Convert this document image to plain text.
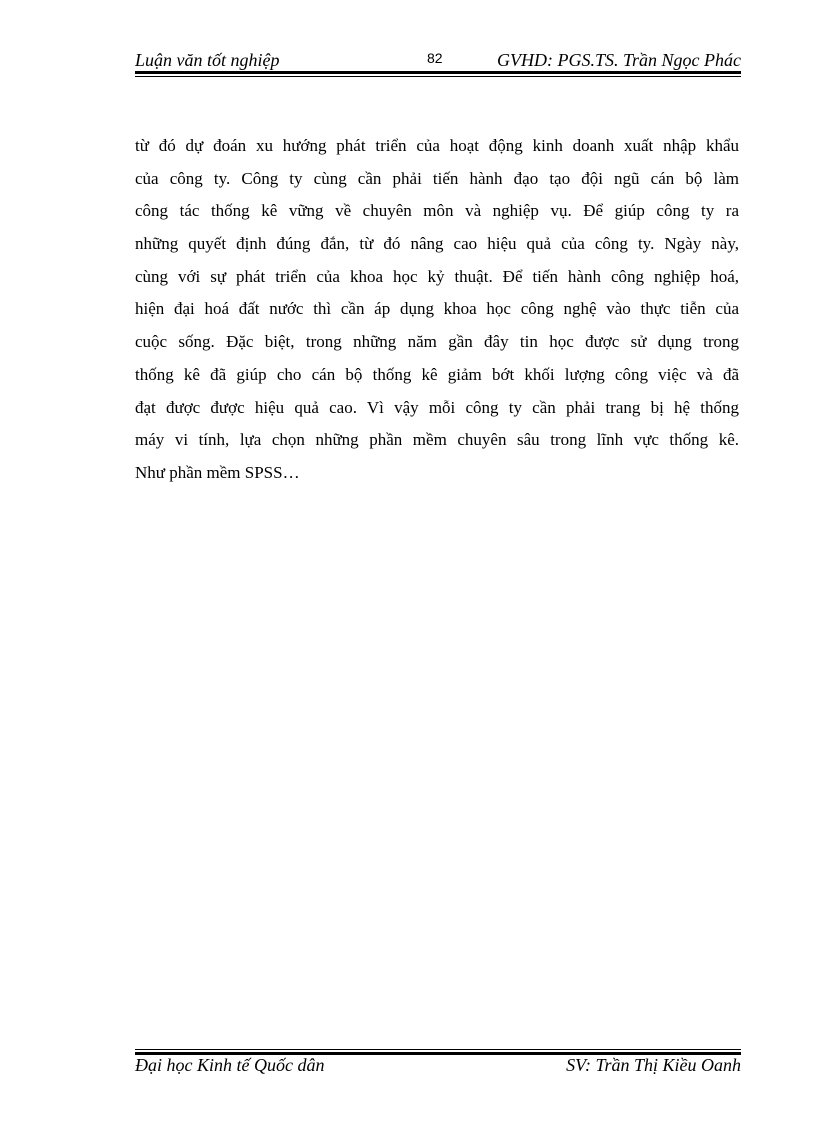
Luận văn tốt nghiệp	82	GVHD: PGS.TS. Trần Ngọc Phác
từ đó dự đoán xu hướng phát triển của hoạt động kinh doanh xuất nhập khẩu
của công ty. Công ty cùng cần phải tiến hành đạo tạo đội ngũ cán bộ làm
công tác thống kê vững về chuyên môn và nghiệp vụ. Để giúp công ty ra
những quyết định đúng đắn, từ đó nâng cao hiệu quả của công ty. Ngày này,
cùng với sự phát triển của khoa học kỷ thuật. Để tiến hành công nghiệp hoá,
hiện đại hoá đất nước thì cần áp dụng khoa học công nghệ vào thực tiễn của
cuộc sống. Đặc biệt, trong những năm gần đây tin học được sử dụng trong
thống kê đã giúp cho cán bộ thống kê giảm bớt khối lượng công việc và đã
đạt được được hiệu quả cao. Vì vậy mỗi công ty cần phải trang bị hệ thống
máy vi tính, lựa chọn những phần mềm chuyên sâu trong lĩnh vực thống kê.
Như phần mềm SPSS…
Đại học Kinh tế Quốc dân	SV: Trần Thị Kiều Oanh
